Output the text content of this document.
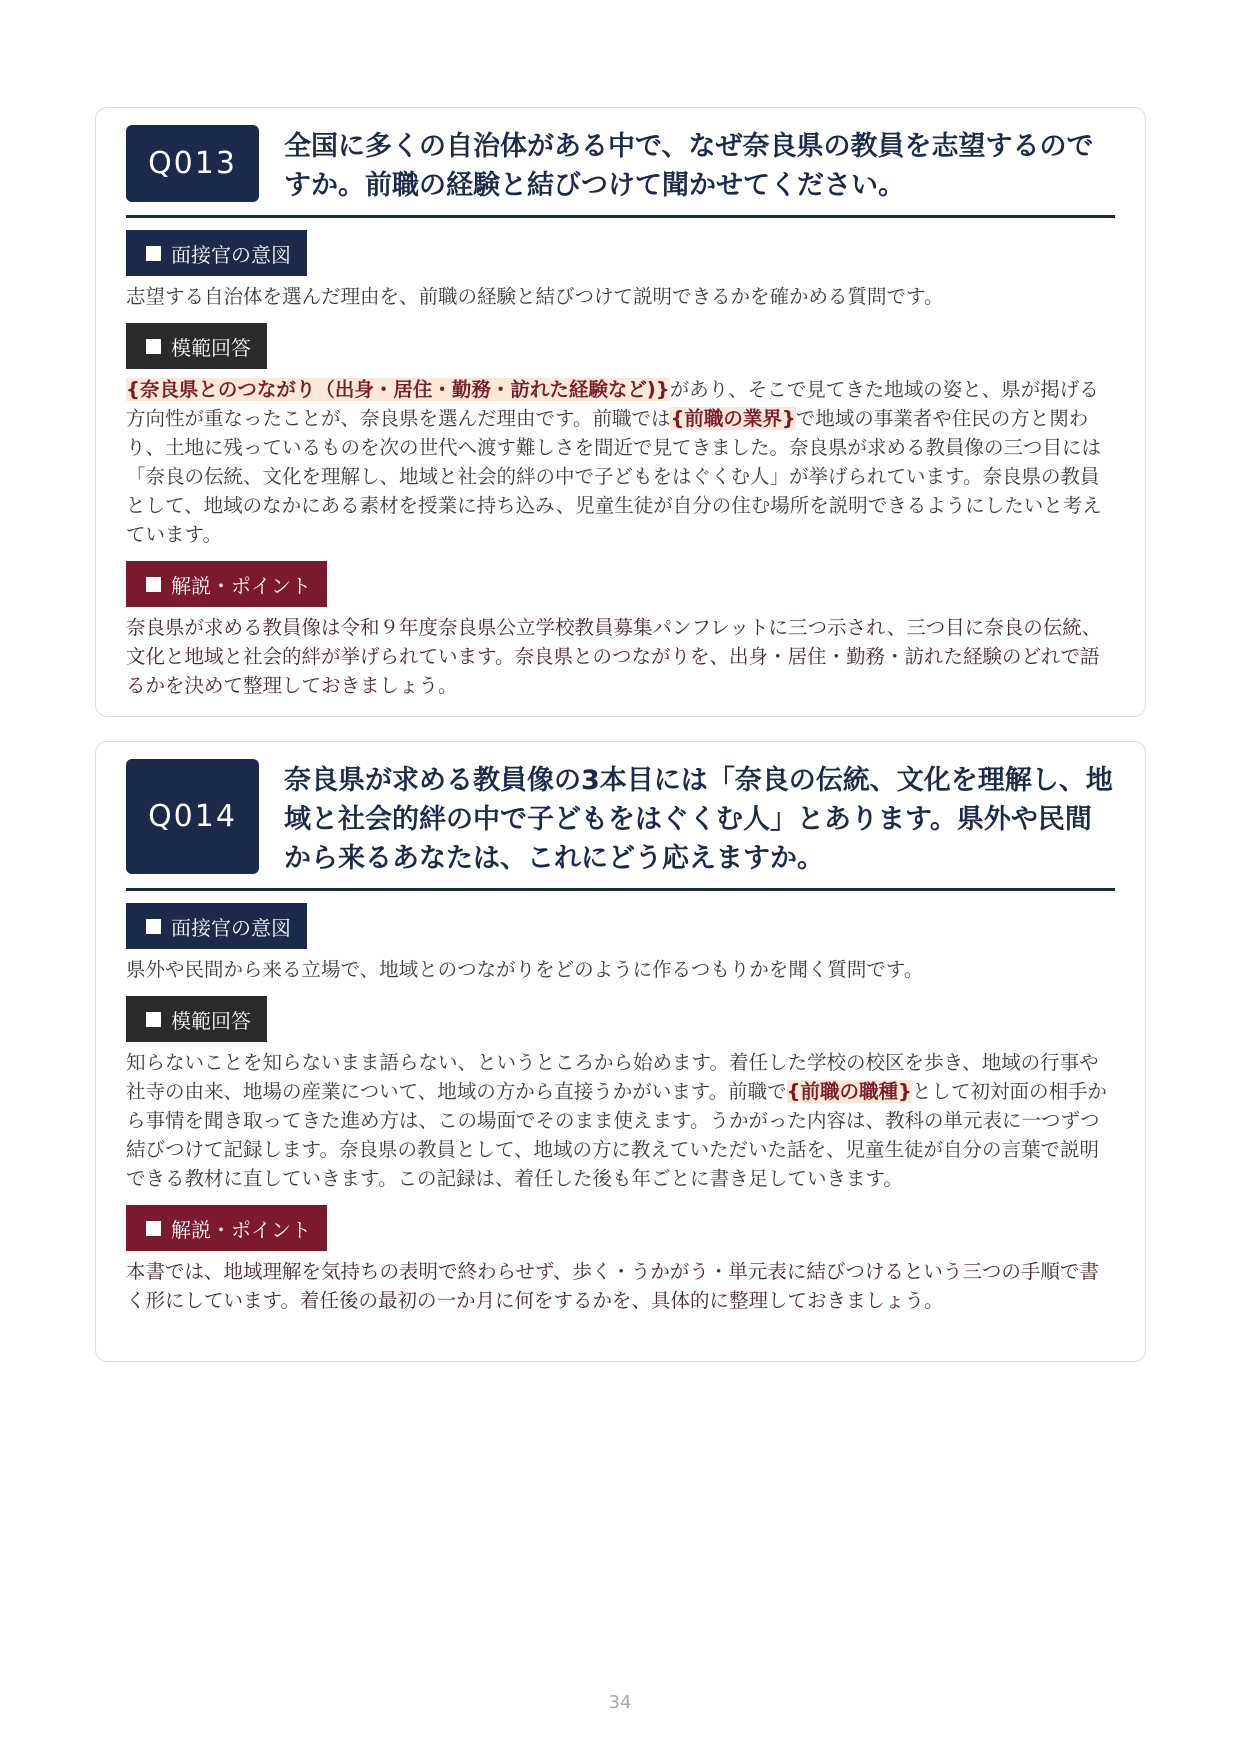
Q013	全国に多くの自治体がある中で、なぜ奈良県の教員を志望するのですか。前職の経験と結びつけて聞かせてください。
面接官の意図

志望する自治体を選んだ理由を、前職の経験と結びつけて説明できるかを確かめる質問です。

模範回答

{奈良県とのつながり（出身・居住・勤務・訪れた経験など)}があり、そこで見てきた地域の姿と、県が掲げる方向性が重なったことが、奈良県を選んだ理由です。前職では{前職の業界}で地域の事業者や住民の方と関わり、土地に残っているものを次の世代へ渡す難しさを間近で見てきました。奈良県が求める教員像の三つ目には「奈良の伝統、文化を理解し、地域と社会的絆の中で子どもをはぐくむ人」が挙げられています。奈良県の教員として、地域のなかにある素材を授業に持ち込み、児童生徒が自分の住む場所を説明できるようにしたいと考えています。

解説・ポイント

奈良県が求める教員像は令和９年度奈良県公立学校教員募集パンフレットに三つ示され、三つ目に奈良の伝統、文化と地域と社会的絆が挙げられています。奈良県とのつながりを、出身・居住・勤務・訪れた経験のどれで語るかを決めて整理しておきましょう。

Q014
奈良県が求める教員像の3本目には「奈良の伝統、文化を理解し、地域と社会的絆の中で子どもをはぐくむ人」とあります。県外や民間から来るあなたは、これにどう応えますか。
面接官の意図

県外や民間から来る立場で、地域とのつながりをどのように作るつもりかを聞く質問です。

模範回答

知らないことを知らないまま語らない、というところから始めます。着任した学校の校区を歩き、地域の行事や社寺の由来、地場の産業について、地域の方から直接うかがいます。前職で{前職の職種}として初対面の相手から事情を聞き取ってきた進め方は、この場面でそのまま使えます。うかがった内容は、教科の単元表に一つずつ結びつけて記録します。奈良県の教員として、地域の方に教えていただいた話を、児童生徒が自分の言葉で説明できる教材に直していきます。この記録は、着任した後も年ごとに書き足していきます。

解説・ポイント

本書では、地域理解を気持ちの表明で終わらせず、歩く・うかがう・単元表に結びつけるという三つの手順で書く形にしています。着任後の最初の一か月に何をするかを、具体的に整理しておきましょう。

34
